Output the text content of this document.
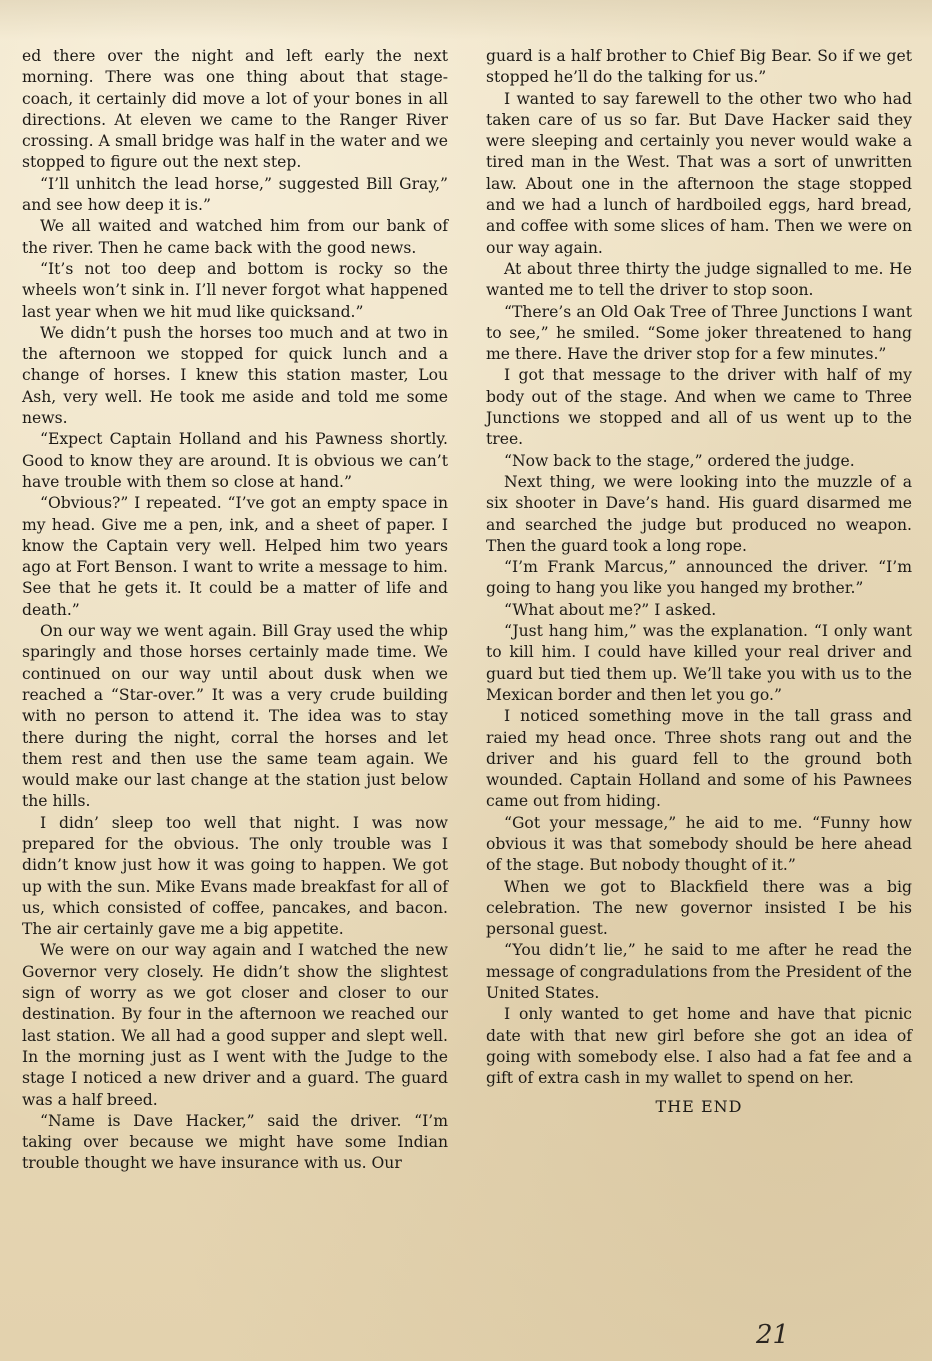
ed there over the night and left early the next morning. There was one thing about that stage-coach, it certainly did move a lot of your bones in all directions. At eleven we came to the Ranger River crossing. A small bridge was half in the water and we stopped to figure out the next step.

“I’ll unhitch the lead horse,” suggested Bill Gray,” and see how deep it is.”

We all waited and watched him from our bank of the river. Then he came back with the good news.

“It’s not too deep and bottom is rocky so the wheels won’t sink in. I’ll never forgot what happened last year when we hit mud like quicksand.”

We didn’t push the horses too much and at two in the afternoon we stopped for quick lunch and a change of horses. I knew this station master, Lou Ash, very well. He took me aside and told me some news.

“Expect Captain Holland and his Pawness shortly. Good to know they are around. It is obvious we can’t have trouble with them so close at hand.”

“Obvious?” I repeated. “I’ve got an empty space in my head. Give me a pen, ink, and a sheet of paper. I know the Captain very well. Helped him two years ago at Fort Benson. I want to write a message to him. See that he gets it. It could be a matter of life and death.”

On our way we went again. Bill Gray used the whip sparingly and those horses certainly made time. We continued on our way until about dusk when we reached a “Star-over.” It was a very crude building with no person to attend it. The idea was to stay there during the night, corral the horses and let them rest and then use the same team again. We would make our last change at the station just below the hills.

I didn’ sleep too well that night. I was now prepared for the obvious. The only trouble was I didn’t know just how it was going to happen. We got up with the sun. Mike Evans made breakfast for all of us, which consisted of coffee, pancakes, and bacon. The air certainly gave me a big appetite.

We were on our way again and I watched the new Governor very closely. He didn’t show the slightest sign of worry as we got closer and closer to our destination. By four in the afternoon we reached our last station. We all had a good supper and slept well. In the morning just as I went with the Judge to the stage I noticed a new driver and a guard. The guard was a half breed.

“Name is Dave Hacker,” said the driver. “I’m taking over because we might have some Indian trouble thought we have insurance with us. Our

guard is a half brother to Chief Big Bear. So if we get stopped he’ll do the talking for us.”

I wanted to say farewell to the other two who had taken care of us so far. But Dave Hacker said they were sleeping and certainly you never would wake a tired man in the West. That was a sort of unwritten law. About one in the afternoon the stage stopped and we had a lunch of hardboiled eggs, hard bread, and coffee with some slices of ham. Then we were on our way again.

At about three thirty the judge signalled to me. He wanted me to tell the driver to stop soon.

“There’s an Old Oak Tree of Three Junctions I want to see,” he smiled. “Some joker threatened to hang me there. Have the driver stop for a few minutes.”

I got that message to the driver with half of my body out of the stage. And when we came to Three Junctions we stopped and all of us went up to the tree.

“Now back to the stage,” ordered the judge.

Next thing, we were looking into the muzzle of a six shooter in Dave’s hand. His guard disarmed me and searched the judge but produced no weapon. Then the guard took a long rope.

“I’m Frank Marcus,” announced the driver. “I’m going to hang you like you hanged my brother.”

“What about me?” I asked.

“Just hang him,” was the explanation. “I only want to kill him. I could have killed your real driver and guard but tied them up. We’ll take you with us to the Mexican border and then let you go.”

I noticed something move in the tall grass and raied my head once. Three shots rang out and the driver and his guard fell to the ground both wounded. Captain Holland and some of his Pawnees came out from hiding.

“Got your message,” he aid to me. “Funny how obvious it was that somebody should be here ahead of the stage. But nobody thought of it.”

When we got to Blackfield there was a big celebration. The new governor insisted I be his personal guest.

“You didn’t lie,” he said to me after he read the message of congradulations from the President of the United States.

I only wanted to get home and have that picnic date with that new girl before she got an idea of going with somebody else. I also had a fat fee and a gift of extra cash in my wallet to spend on her.

THE END

21
